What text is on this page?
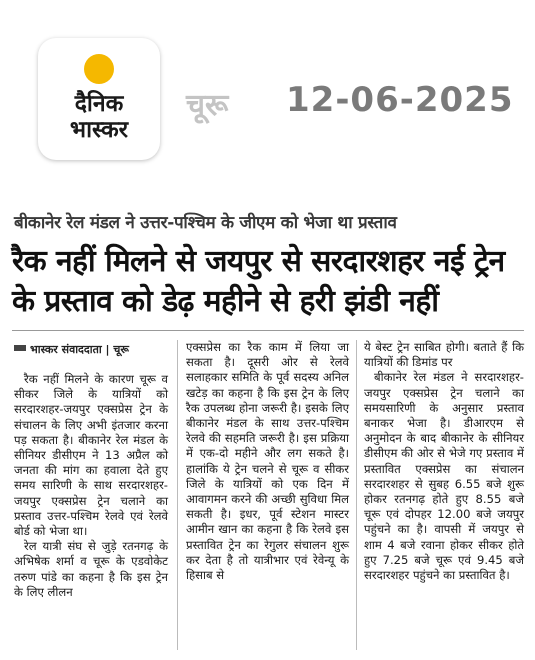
दैनिक
भास्कर
चूरू 12-06-2025
बीकानेर रेल मंडल ने उत्तर-पश्चिम के जीएम को भेजा था प्रस्ताव
रैक नहीं मिलने से जयपुर से सरदारशहर नई ट्रेन के प्रस्ताव को डेढ़ महीने से हरी झंडी नहीं

रैक नहीं मिलने के कारण चूरू व सीकर जिले के यात्रियों को सरदारशहर-जयपुर एक्सप्रेस ट्रेन के संचालन के लिए अभी इंतजार करना पड़ सकता है। बीकानेर रेल मंडल के सीनियर डीसीएम ने 13 अप्रैल को जनता की मांग का हवाला देते हुए समय सारिणी के साथ सरदारशहर-जयपुर एक्सप्रेस ट्रेन चलाने का प्रस्ताव उत्तर-पश्चिम रेलवे एवं रेलवे बोर्ड को भेजा था।

रेल यात्री संघ से जुड़े रतनगढ़ के अभिषेक शर्मा व चूरू के एडवोकेट तरुण पांडे का कहना है कि इस ट्रेन के लिए लीलन

भास्कर संवाददाता | चूरू	एक्सप्रेस का रैक काम में लिया जा सकता है। दूसरी ओर से रेलवे सलाहकार समिति के पूर्व सदस्य अनिल खटेड़ का कहना है कि इस ट्रेन के लिए रैक उपलब्ध होना जरूरी है। इसके लिए बीकानेर मंडल के साथ उत्तर-पश्चिम रेलवे की सहमति जरूरी है। इस प्रक्रिया में एक-दो महीने और लग सकते है। हालांकि ये ट्रेन चलने से चूरू व सीकर जिले के यात्रियों को एक दिन में आवागमन करने की अच्छी सुविधा मिल सकती है। इधर, पूर्व स्टेशन मास्टर आमीन खान का कहना है कि रेलवे इस प्रस्तावित ट्रेन का रेगुलर संचालन शुरू कर देता है तो यात्रीभार एवं रेवेन्यू के हिसाब से

ये बेस्ट ट्रेन साबित होगी। बताते हैं कि यात्रियों की डिमांड पर

बीकानेर रेल मंडल ने सरदारशहर-जयपुर एक्सप्रेस ट्रेन चलाने का समयसारिणी के अनुसार प्रस्ताव बनाकर भेजा है। डीआरएम से अनुमोदन के बाद बीकानेर के सीनियर डीसीएम की ओर से भेजे गए प्रस्ताव में प्रस्तावित एक्सप्रेस का संचालन सरदारशहर से सुबह 6.55 बजे शुरू होकर रतनगढ़ होते हुए 8.55 बजे चूरू एवं दोपहर 12.00 बजे जयपुर पहुंचने का है। वापसी में जयपुर से शाम 4 बजे रवाना होकर सीकर होते हुए 7.25 बजे चूरू एवं 9.45 बजे सरदारशहर पहुंचने का प्रस्तावित है।
